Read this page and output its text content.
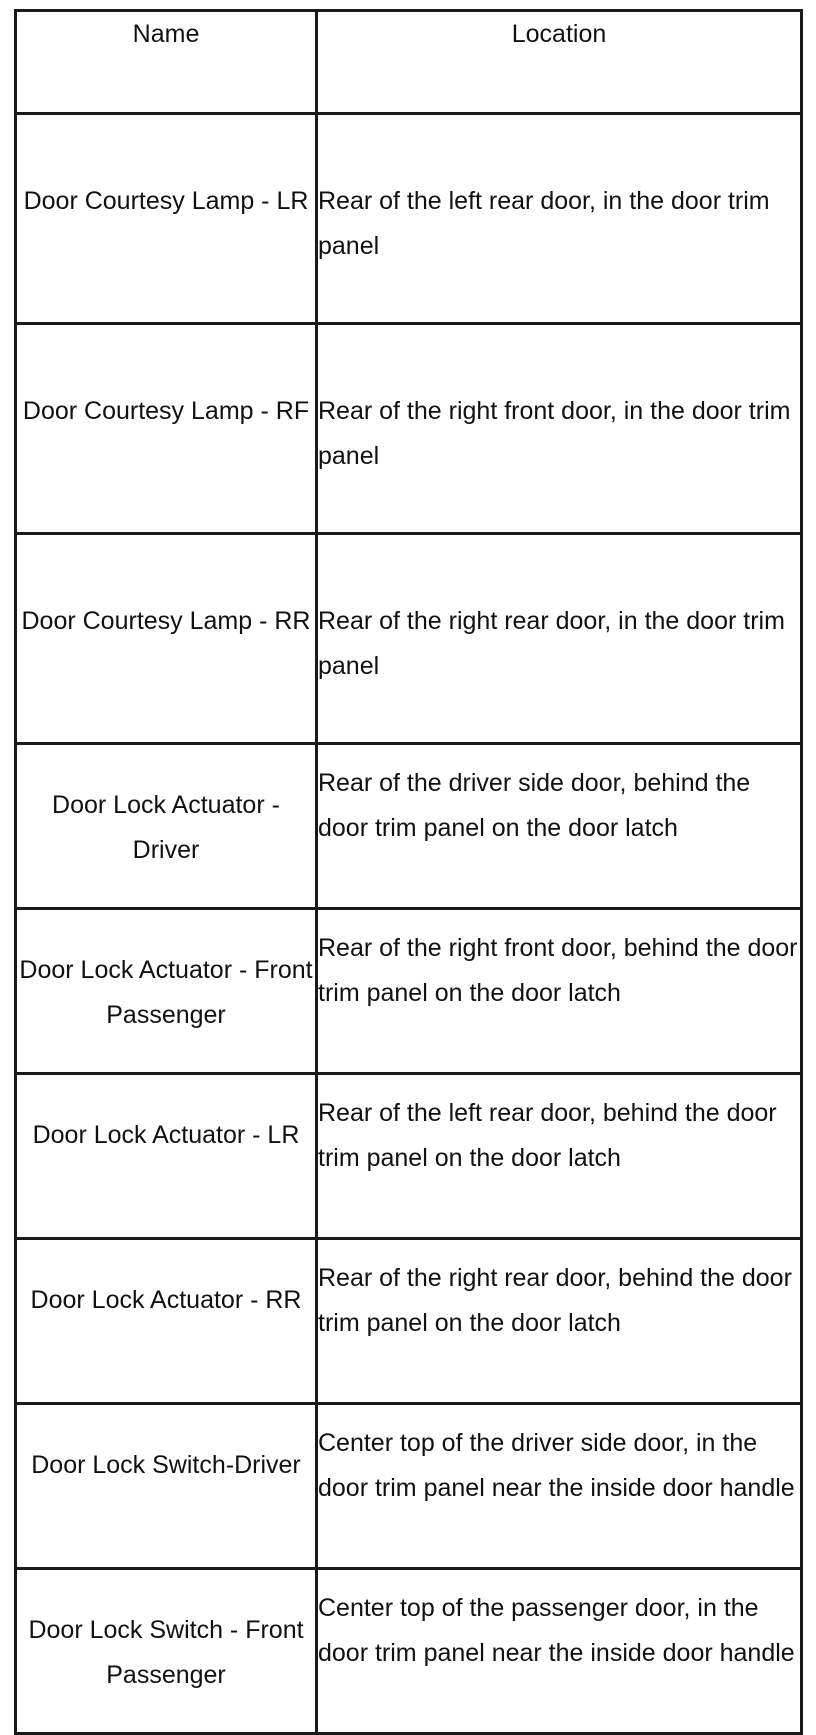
Name	Location
Door Courtesy Lamp - LR	Rear of the left rear door, in the door trim panel
Door Courtesy Lamp - RF	Rear of the right front door, in the door trim panel
Door Courtesy Lamp - RR	Rear of the right rear door, in the door trim panel
Door Lock Actuator - Driver	Rear of the driver side door, behind the door trim panel on the door latch
Door Lock Actuator - Front Passenger	Rear of the right front door, behind the door trim panel on the door latch
Door Lock Actuator - LR	Rear of the left rear door, behind the door trim panel on the door latch
Door Lock Actuator - RR	Rear of the right rear door, behind the door trim panel on the door latch
Door Lock Switch-Driver	Center top of the driver side door, in the door trim panel near the inside door handle
Door Lock Switch - Front Passenger	Center top of the passenger door, in the door trim panel near the inside door handle
